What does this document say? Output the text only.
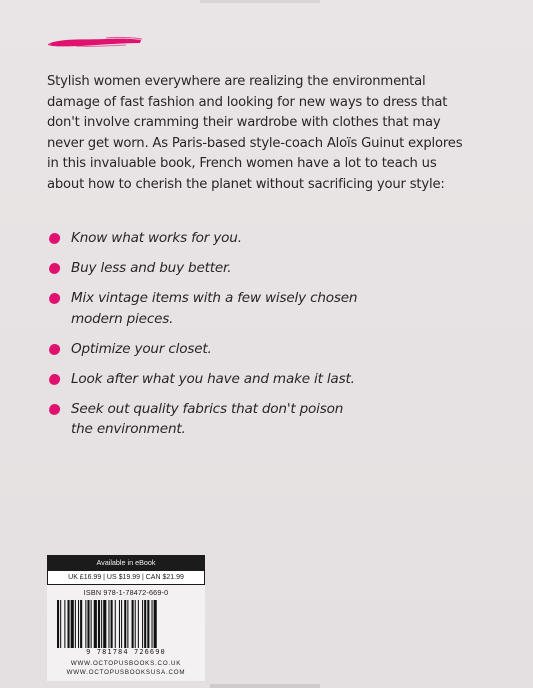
Stylish women everywhere are realizing the environmental
damage of fast fashion and looking for new ways to dress that
don't involve cramming their wardrobe with clothes that may
never get worn. As Paris-based style-coach Aloïs Guinut explores
in this invaluable book, French women have a lot to teach us
about how to cherish the planet without sacrificing your style:

Know what works for you.
Buy less and buy better.
Mix vintage items with a few wisely chosen
modern pieces.
Optimize your closet.
Look after what you have and make it last.
Seek out quality fabrics that don't poison
the environment.
Available in eBook
UK £16.99 | US $19.99 | CAN $21.99
ISBN 978-1-78472-669-0
9 781784 726690
WWW.OCTOPUSBOOKS.CO.UK
WWW.OCTOPUSBOOKSUSA.COM
